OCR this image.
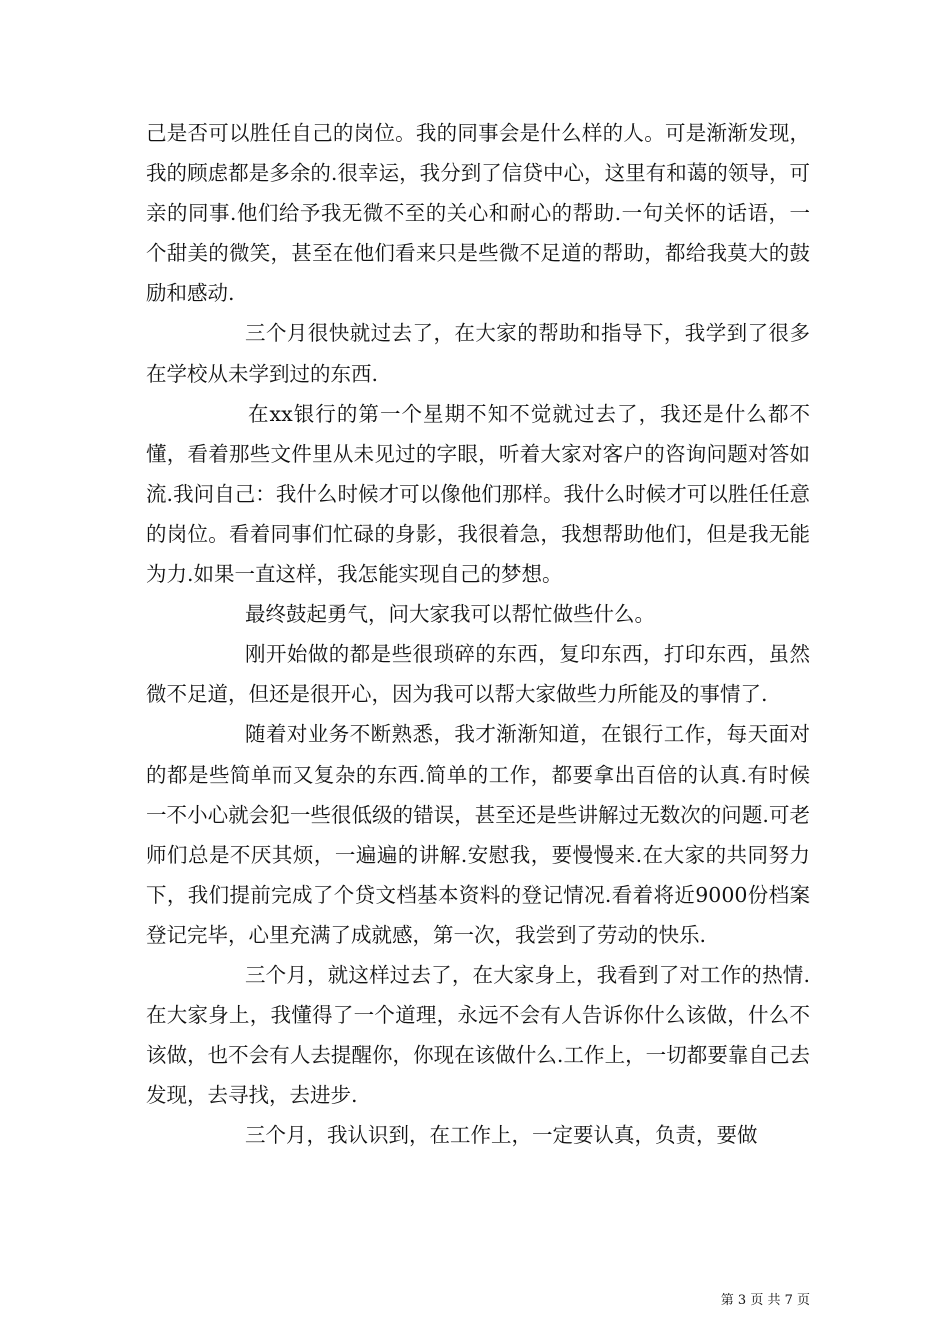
己是否可以胜任自己的岗位。我的同事会是什么样的人。可是渐渐发现，我的顾虑都是多余的.很幸运，我分到了信贷中心，这里有和蔼的领导，可亲的同事.他们给予我无微不至的关心和耐心的帮助.一句关怀的话语，一个甜美的微笑，甚至在他们看来只是些微不足道的帮助，都给我莫大的鼓励和感动.

三个月很快就过去了，在大家的帮助和指导下，我学到了很多在学校从未学到过的东西.

在xx银行的第一个星期不知不觉就过去了，我还是什么都不懂，看着那些文件里从未见过的字眼，听着大家对客户的咨询问题对答如流.我问自己：我什么时候才可以像他们那样。我什么时候才可以胜任任意的岗位。看着同事们忙碌的身影，我很着急，我想帮助他们，但是我无能为力.如果一直这样，我怎能实现自己的梦想。

最终鼓起勇气，问大家我可以帮忙做些什么。

刚开始做的都是些很琐碎的东西，复印东西，打印东西，虽然微不足道，但还是很开心，因为我可以帮大家做些力所能及的事情了.

随着对业务不断熟悉，我才渐渐知道，在银行工作，每天面对的都是些简单而又复杂的东西.简单的工作，都要拿出百倍的认真.有时候一不小心就会犯一些很低级的错误，甚至还是些讲解过无数次的问题.可老师们总是不厌其烦，一遍遍的讲解.安慰我，要慢慢来.在大家的共同努力下，我们提前完成了个贷文档基本资料的登记情况.看着将近9000份档案登记完毕，心里充满了成就感，第一次，我尝到了劳动的快乐.

三个月，就这样过去了，在大家身上，我看到了对工作的热情.在大家身上，我懂得了一个道理，永远不会有人告诉你什么该做，什么不该做，也不会有人去提醒你，你现在该做什么.工作上，一切都要靠自己去发现，去寻找，去进步.

三个月，我认识到，在工作上，一定要认真，负责，要做

第 3 页 共 7 页
